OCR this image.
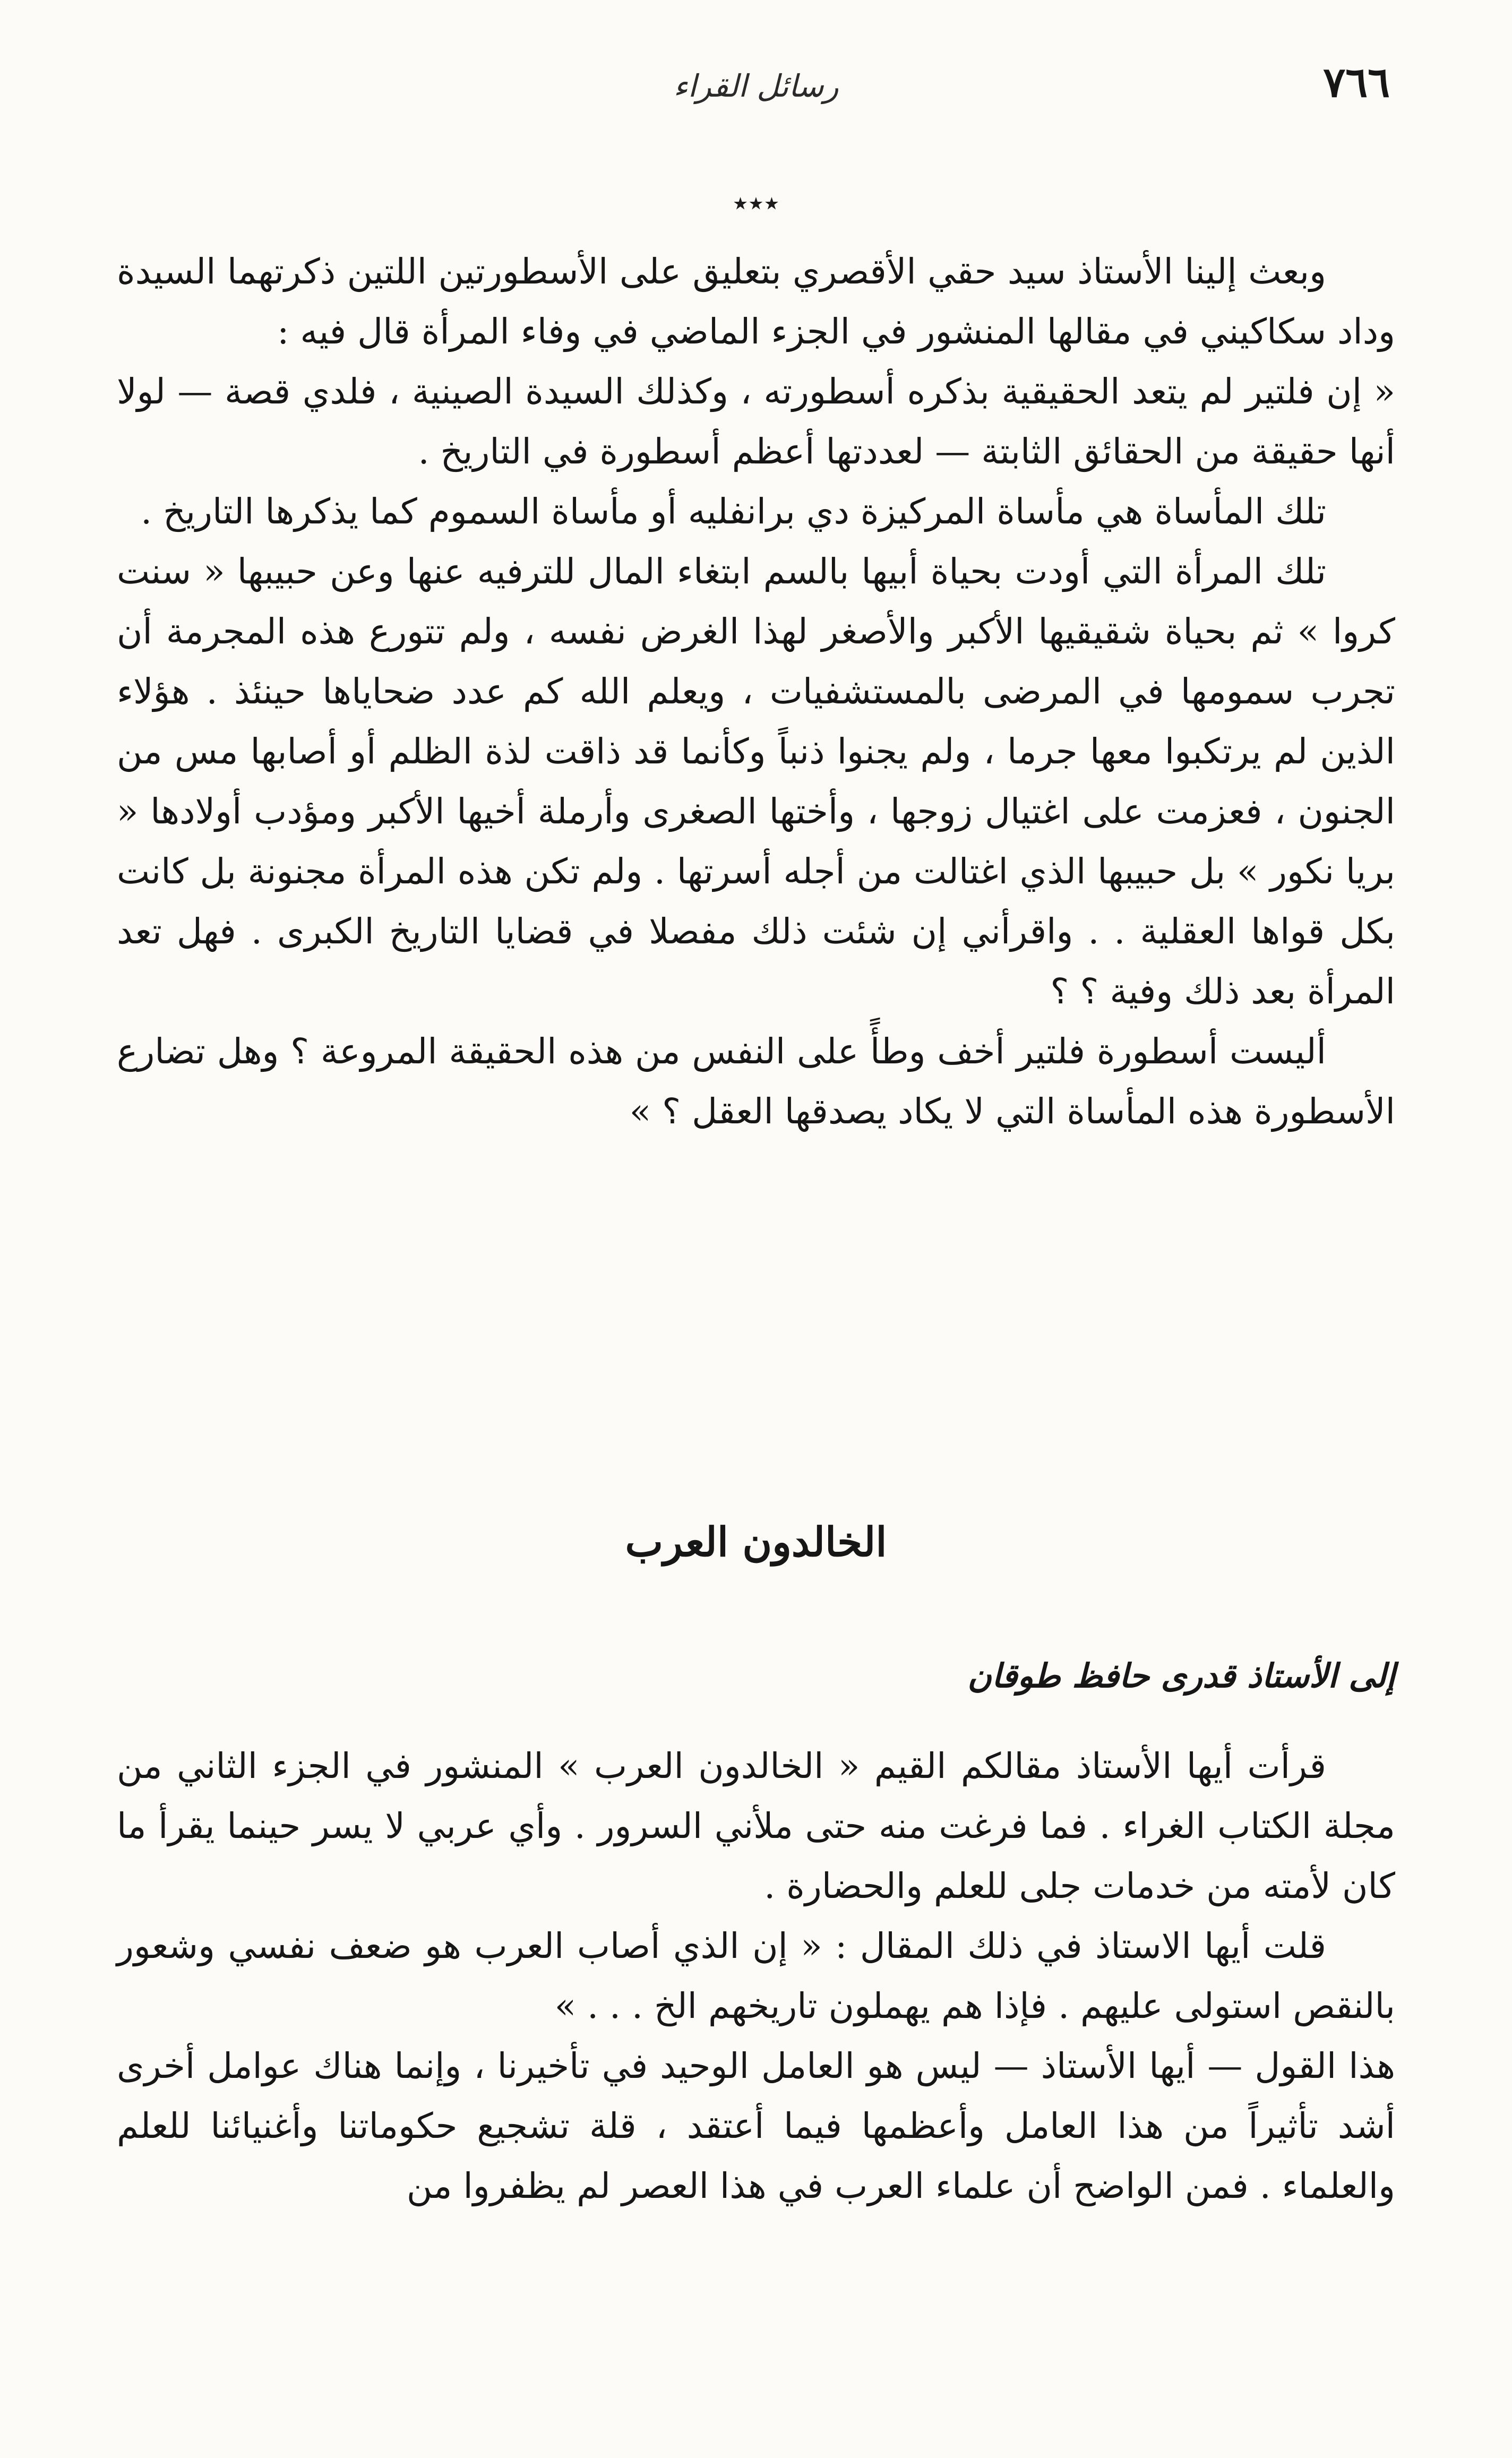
٧٦٦
رسائل القراء
٭٭٭

وبعث إلينا الأستاذ سيد حقي الأقصري بتعليق على الأسطورتين اللتين ذكرتهما السيدة وداد سكاكيني في مقالها المنشور في الجزء الماضي في وفاء المرأة قال فيه :

« إن فلتير لم يتعد الحقيقية بذكره أسطورته ، وكذلك السيدة الصينية ، فلدي قصة — لولا أنها حقيقة من الحقائق الثابتة — لعددتها أعظم أسطورة في التاريخ .

تلك المأساة هي مأساة المركيزة دي برانفليه أو مأساة السموم كما يذكرها التاريخ .

تلك المرأة التي أودت بحياة أبيها بالسم ابتغاء المال للترفيه عنها وعن حبيبها « سنت كروا » ثم بحياة شقيقيها الأكبر والأصغر لهذا الغرض نفسه ، ولم تتورع هذه المجرمة أن تجرب سمومها في المرضى بالمستشفيات ، ويعلم الله كم عدد ضحاياها حينئذ . هؤلاء الذين لم يرتكبوا معها جرما ، ولم يجنوا ذنباً وكأنما قد ذاقت لذة الظلم أو أصابها مس من الجنون ، فعزمت على اغتيال زوجها ، وأختها الصغرى وأرملة أخيها الأكبر ومؤدب أولادها « بريا نكور » بل حبيبها الذي اغتالت من أجله أسرتها . ولم تكن هذه المرأة مجنونة بل كانت بكل قواها العقلية . . واقرأني إن شئت ذلك مفصلا في قضايا التاريخ الكبرى . فهل تعد المرأة بعد ذلك وفية ؟ ؟

أليست أسطورة فلتير أخف وطأً على النفس من هذه الحقيقة المروعة ؟ وهل تضارع الأسطورة هذه المأساة التي لا يكاد يصدقها العقل ؟ »

الخالدون العرب
إلى الأستاذ قدرى حافظ طوقان

قرأت أيها الأستاذ مقالكم القيم « الخالدون العرب » المنشور في الجزء الثاني من مجلة الكتاب الغراء . فما فرغت منه حتى ملأني السرور . وأي عربي لا يسر حينما يقرأ ما كان لأمته من خدمات جلى للعلم والحضارة .

قلت أيها الاستاذ في ذلك المقال : « إن الذي أصاب العرب هو ضعف نفسي وشعور بالنقص استولى عليهم . فإذا هم يهملون تاريخهم الخ . . . »

هذا القول — أيها الأستاذ — ليس هو العامل الوحيد في تأخيرنا ، وإنما هناك عوامل أخرى أشد تأثيراً من هذا العامل وأعظمها فيما أعتقد ، قلة تشجيع حكوماتنا وأغنيائنا للعلم والعلماء . فمن الواضح أن علماء العرب في هذا العصر لم يظفروا من
